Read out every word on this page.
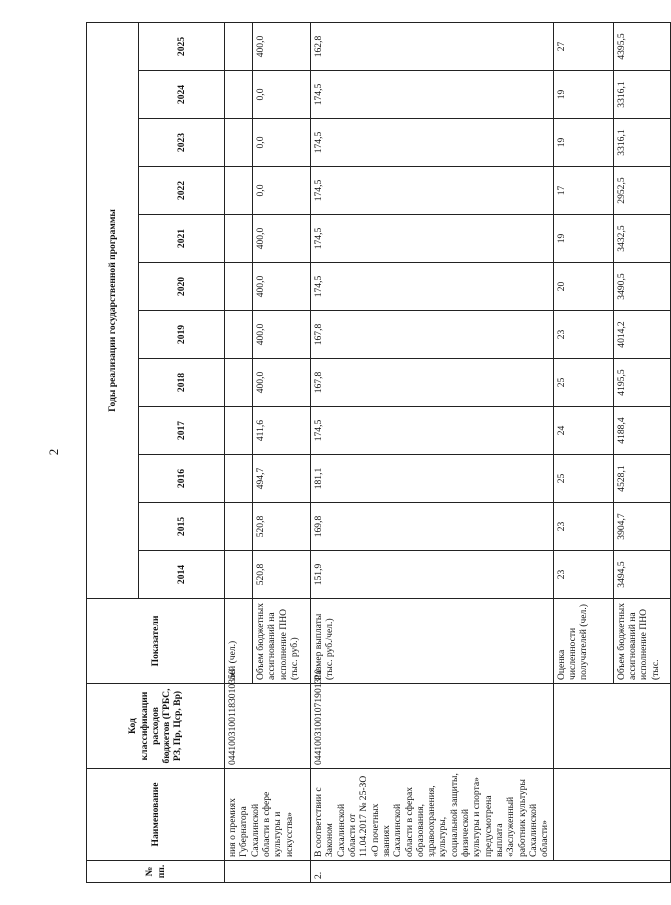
2
№ пп.	Наименование	Код классификации расходов бюджетов (ГРБС, РЗ, Пр, Цср, Вр)	Показатели	Годы реализации государственной программы											
				2014	2015	2016	2017	2018	2019	2020	2021	2022	2023	2024	2025
	ния о премиях Губернатора Сахалинской области в сфере культуры и искусства»	04410031001183010350	лей (чел.)												
			Объем бюджетных ассигнований на исполнение ПНО (тыс. руб.)	520,8	520,8	494,7	411,6	400,0	400,0	400,0	400,0	0,0	0,0	0,0	400,0
2.	В соответствии с Законом Сахалинской области от 11.04.2017 № 25-ЗО «О почетных званиях Сахалинской области в сферах образования, здравоохранения, культуры, социальной защиты, физической культуры и спорта» предусмотрена выплата «Заслуженный работник культуры Сахалинской области»	04410031001071901310	Размер выплаты (тыс. руб./чел.)	151,9	169,8	181,1	174,5	167,8	167,8	174,5	174,5	174,5	174,5	174,5	162,8
			Оценка численности получателей (чел.)	23	23	25	24	25	23	20	19	17	19	19	27
			Объем бюджетных ассигнований на исполнение ПНО (тыс.	3494,5	3904,7	4528,1	4188,4	4195,5	4014,2	3490,5	3432,5	2952,5	3316,1	3316,1	4395,5
